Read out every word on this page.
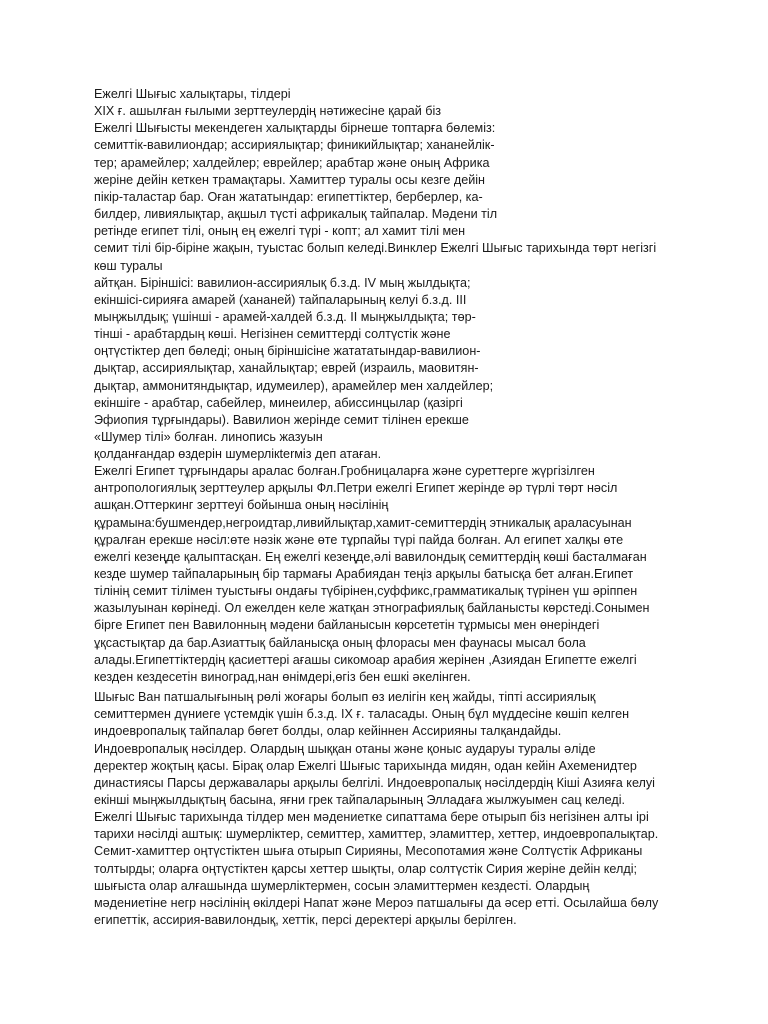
Ежелгі Шығыс халықтары, тілдері
XIX ғ. ашылған ғылыми зерттеулердің нәтижесіне қарай біз
Ежелгі Шығысты мекендеген халықтарды бірнеше топтарға бөлеміз:
семиттік-вавилиондар; ассириялықтар; финикийлықтар; хананейлік-
тер; арамейлер; халдейлер; еврейлер; арабтар және оның Африка
жеріне дейін кеткен трамақтары. Хамиттер туралы осы кезге дейін
пікір-таластар бар. Оған жататындар: египеттіктер, берберлер, ка-
билдер, ливиялықтар, ақшыл түсті африкалық тайпалар. Мәдени тіл
ретінде египет тілі, оның ең ежелгі түрі - копт; ал хамит тілі мен
семит тілі бір-біріне жақын, туыстас болып келеді.Винклер Ежелгі Шығыс тарихында төрт негізгі
көш туралы
айтқан. Біріншісі: вавилион-ассириялық б.з.д. IV мың жылдықта;
екіншісі-сирияға амарей (хананей) тайпаларының келуі б.з.д. III
мыңжылдық; үшінші - арамей-халдей б.з.д. II мыңжылдықта; төр-
тінші - арабтардың көші. Негізінен семиттерді солтүстік және
оңтүстіктер деп бөледі; оның біріншісіне жатататындар-вавилион-
дықтар, ассириялықтар, ханайлықтар; еврей (израиль, маовитян-
дықтар, аммонитяндықтар, идумеилер), арамейлер мен халдейлер;
екіншіге - арабтар, сабейлер, минеилер, абиссинцылар (қазіргі
Эфиопия тұрғындары). Вавилион жерінде семит тілінен ерекше
«Шумер тілі» болған. линопись жазуын
қолданғандар өздерін шумерлікterміз деп атаған.
Ежелгі Египет тұрғындары аралас болған.Гробницаларға және суреттерге жүргізілген
антропологиялық зерттеулер арқылы Фл.Петри ежелгі Египет жерінде әр түрлі төрт нәсіл
ашқан.Оттеркинг зерттеуі бойынша оның нәсілінің
құрамына:бушмендер,негроидтар,ливийлықтар,хамит-семиттердің этникалық араласуынан
құралған ерекше нәсіл:өте нәзік және өте тұрпайы түрі пайда болған. Ал египет халқы өте
ежелгі кезеңде қалыптасқан. Ең ежелгі кезеңде,әлі вавилондық семиттердің көші басталмаған
кезде шумер тайпаларының бір тармағы Арабиядан теңіз арқылы батысқа бет алған.Египет
тілінің семит тілімен туыстығы ондағы түбірінен,суффикс,грамматикалық түрінен үш әріппен
жазылуынан көрінеді. Ол ежелден келе жатқан этнографиялық байланысты көрстеді.Сонымен
бірге Египет пен Вавилонның мәдени байланысын көрсететін тұрмысы мен өнеріндегі
ұқсастықтар да бар.Азиаттық байланысқа оның флорасы мен фаунасы мысал бола
алады.Египеттіктердің қасиеттері ағашы сикомоар арабия жерінен ,Азиядан Египетте ежелгі
кезден кездесетін виноград,нан өнімдері,өгіз бен ешкі әкелінген.
Шығыс Ван патшалығының рөлі жоғары болып өз иелігін кең жайды, тіпті ассириялық
семиттермен дүниеге үстемдік үшін б.з.д. IX ғ. таласады. Оның бұл мүддесіне көшіп келген
индоевропалық тайпалар бөгет болды, олар кейіннен Ассирияны талқандайды.
Индоевропалық нәсілдер. Олардың шыққан отаны және қоныс аударуы туралы әліде
деректер жоқтың қасы. Бірақ олар Ежелгі Шығыс тарихында мидян, одан кейін Ахеменидтер
династиясы Парсы державалары арқылы белгілі. Индоевропалық нәсілдердің Кіші Азияға келуі
екінші мыңжылдықтың басына, яғни грек тайпаларының Элладаға жылжуымен сац келеді.
Ежелгі Шығыс тарихында тілдер мен мәдениетке сипаттама бере отырып біз негізінен алты ірі
тарихи нәсілді аштық: шумерліктер, семиттер, хамиттер, эламиттер, хеттер, индоевропалықтар.
Семит-хамиттер оңтүстіктен шығa отырып Сирияны, Месопотамия және Солтүстік Африканы
толтырды; оларға оңтүстіктен қарсы хеттер шықты, олар солтүстік Сирия жеріне дейін келді;
шығыста олар алғашында шумерліктермен, сосын эламиттермен кездесті. Олардың
мәдениетіне негр нәсілінің өкілдері Напат және Мероэ патшалығы да әсер етті. Осылайша бөлу
египеттік, ассирия-вавилондық, хеттік, персі деректері арқылы берілген.
